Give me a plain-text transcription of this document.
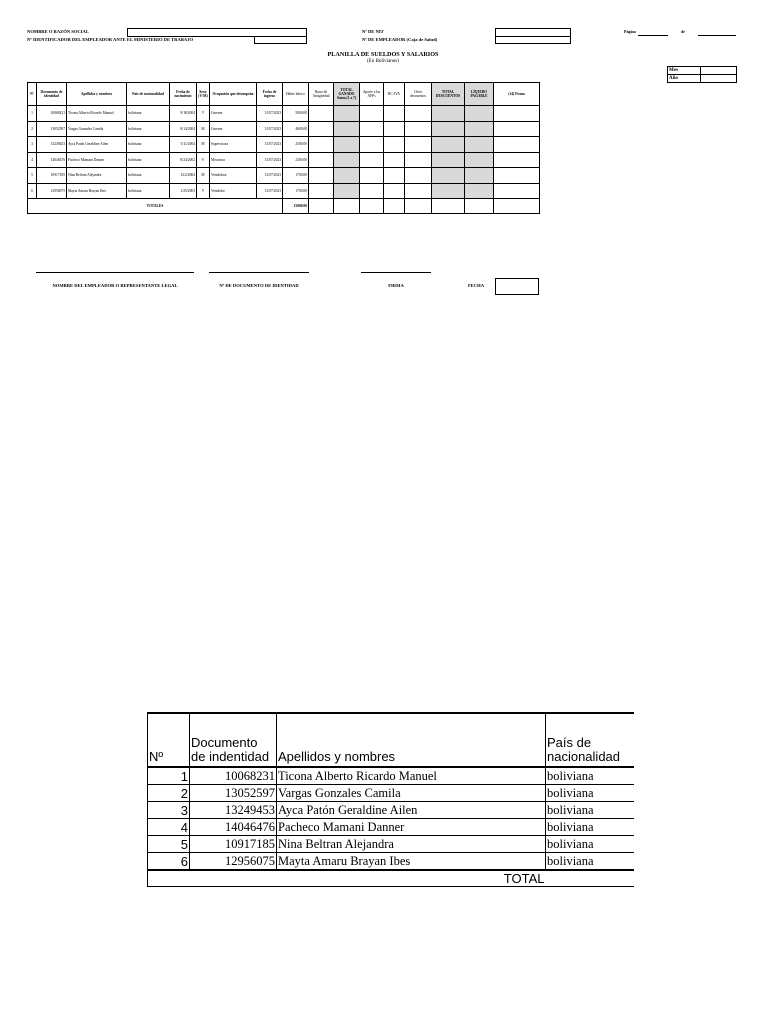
NOMBRE O RAZÓN SOCIAL
Nº IDENTIFICADOR DEL EMPLEADOR ANTE EL MINISTERIO DE TRABAJO
Nº DE NIT
Nº DE EMPLEADOR (Caja de Salud)
Página	de
PLANILLA DE SUELDOS Y SALARIOS
(En Bolivianos)
Mes	
Año	
Nº	Documento de identidad	Apellidos y nombres	País de nacionalidad	Fecha de nacimiento	Sexo (V/M)	Ocupación que desempeña	Fecha de ingreso	Haber básico	Bono de Antigüedad	TOTAL GANADO Suma (1 a 7)	Aporte a las AFPs	RC-IVA	Otros descuentos	TOTAL DESCUENTOS	LÍQUIDO PAGABLE	(14) Firma
1	10068231	Ticona Alberto Ricardo Manuel	boliviana	9/18/2004	V	Gerente	31/07/2023	5000.00								
2	13052597	Vargas Gonzales Camila	boliviana	8/14/2004	M	Gerente	31/07/2023	4600.00								
3	13249453	Ayca Patón Geraldine Ailen	boliviana	5/11/2004	M	Supervisora	31/07/2023	2500.00								
4	14046476	Pacheco Mamani Danner	boliviana	8/24/2002	V	Mecanico	31/07/2023	2300.00								
5	10917185	Nina Beltran Alejandra	boliviana	12/2/2004	M	Vendedora	31/07/2023	1700.00								
6	12956075	Mayta Amaru Brayan Ibes	boliviana	1/25/2003	V	Vendedor	31/07/2023	1700.00								
TOTALES								15000.00								
NOMBRE DEL EMPLEADOR O REPRESENTANTE LEGAL	Nº DE DOCUMENTO DE IDENTIDAD	FIRMA	FECHA
Nº	Documento
de indentidad	Apellidos y nombres	País de
nacionalidad
1	10068231	Ticona Alberto Ricardo Manuel	boliviana
2	13052597	Vargas Gonzales Camila	boliviana
3	13249453	Ayca Patón Geraldine Ailen	boliviana
4	14046476	Pacheco Mamani Danner	boliviana
5	10917185	Nina Beltran Alejandra	boliviana
6	12956075	Mayta Amaru Brayan Ibes	boliviana
TOTAL			
